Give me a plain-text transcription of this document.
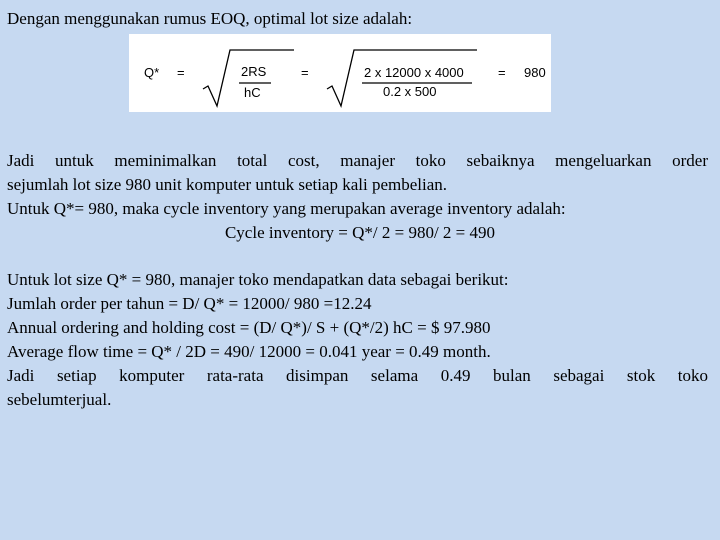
Dengan menggunakan rumus EOQ, optimal lot size adalah:
Q* =	2RS
hC
=	2 x 12000 x 4000
0.2 x 500
= 980
Jadi untuk meminimalkan total cost, manajer toko sebaiknya mengeluarkan order
sejumlah lot size 980 unit komputer untuk setiap kali pembelian.
Untuk Q*= 980, maka cycle inventory yang merupakan average inventory adalah:
Cycle inventory = Q*/ 2 = 980/ 2 = 490
Untuk lot size Q* = 980, manajer toko mendapatkan data sebagai berikut:
Jumlah order per tahun = D/ Q* = 12000/ 980 =12.24
Annual ordering and holding cost = (D/ Q*)/ S + (Q*/2) hC = $ 97.980
Average flow time = Q* / 2D = 490/ 12000 = 0.041 year = 0.49 month.
Jadi setiap komputer rata-rata disimpan selama 0.49 bulan sebagai stok toko
sebelumterjual.
